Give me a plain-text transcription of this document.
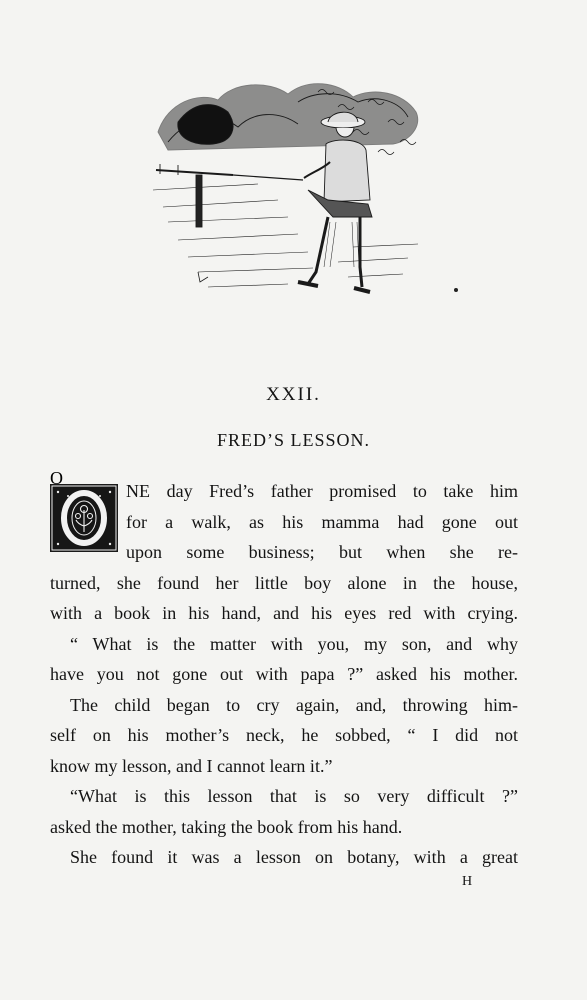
XXII.
FRED’S LESSON.
O
NE day Fred’s father promised to take him
for a walk, as his mamma had gone out
upon some business; but when she re-
turned, she found her little boy alone in the house,
with a book in his hand, and his eyes red with crying.
“ What is the matter with you, my son, and why
have you not gone out with papa ?” asked his mother.
The child began to cry again, and, throwing him-
self on his mother’s neck, he sobbed, “ I did not
know my lesson, and I cannot learn it.”
“What is this lesson that is so very difficult ?”
asked the mother, taking the book from his hand.
She found it was a lesson on botany, with a great
H
